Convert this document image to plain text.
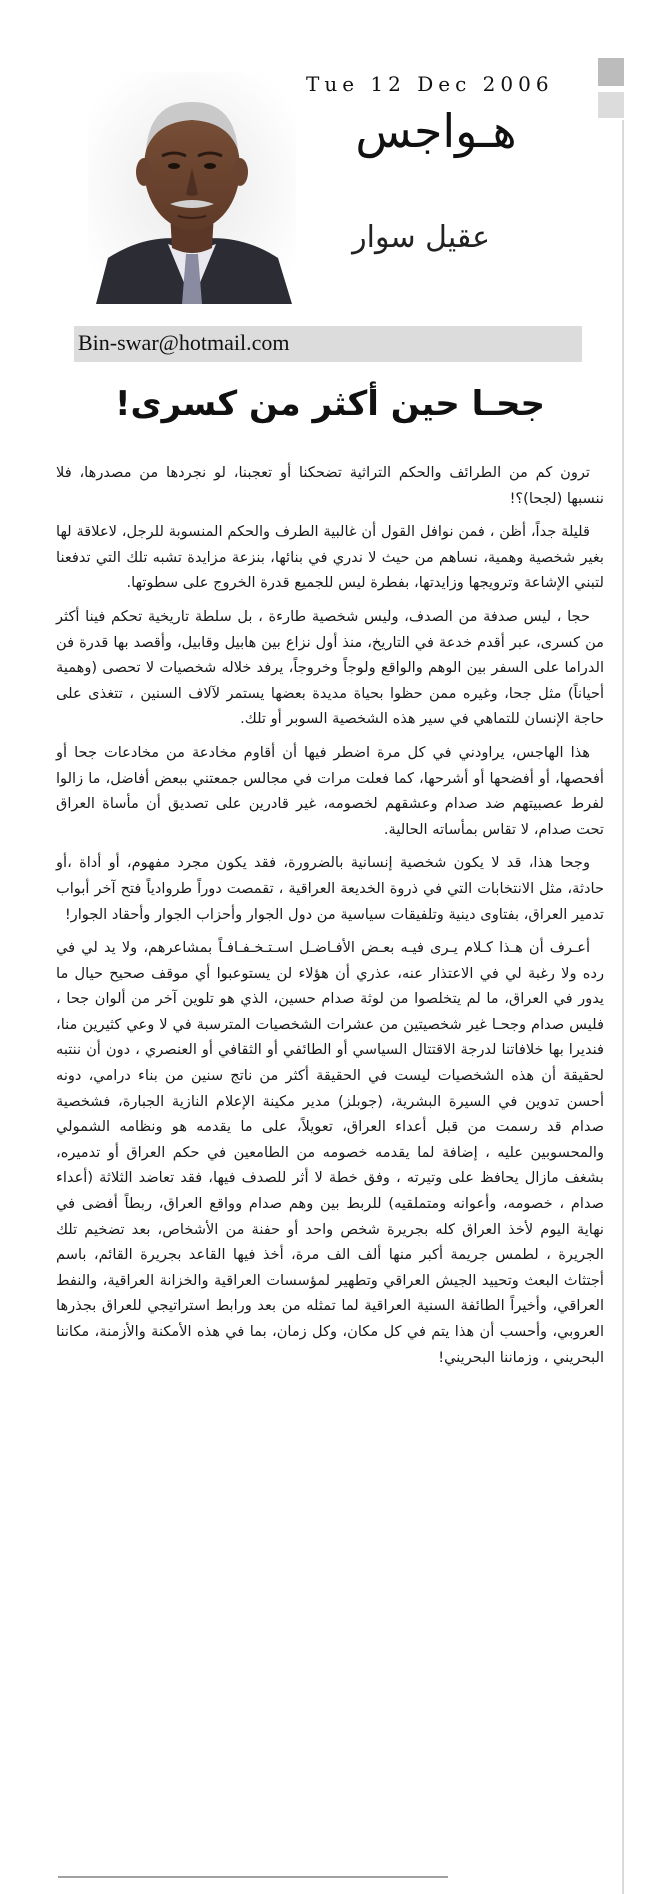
Tue 12 Dec 2006
هـواجس
عقيل سوار
Bin-swar@hotmail.com
جحـا حين أكثر من كسرى!

ترون كم من الطرائف والحكم التراثية تضحكنا أو تعجبنا، لو نجردها من مصدرها، فلا ننسبها (لجحا)؟!

قليلة جداً، أظن ، فمن نوافل القول أن غالبية الطرف والحكم المنسوبة للرجل، لاعلاقة لها بغير شخصية وهمية، نساهم من حيث لا ندري في بنائها، بنزعة مزايدة تشبه تلك التي تدفعنا لتبني الإشاعة وترويجها وزايدتها، بفطرة ليس للجميع قدرة الخروج على سطوتها.

حجا ، ليس صدفة من الصدف، وليس شخصية طارءة ، بل سلطة تاريخية تحكم فينا أكثر من كسرى، عبر أقدم خدعة في التاريخ، منذ أول نزاع بين هابيل وقابيل، وأقصد بها قدرة فن الدراما على السفر بين الوهم والواقع ولوجاً وخروجاً، يرفد خلاله شخصيات لا تحصى (وهمية أحياناً) مثل جحا، وغيره ممن حظوا بحياة مديدة بعضها يستمر لآلاف السنين ، تتغذى على حاجة الإنسان للتماهي في سير هذه الشخصية السوبر أو تلك.

هذا الهاجس، يراودني في كل مرة اضطر فيها أن أقاوم مخادعة من مخادعات جحا أو أفحصها، أو أفضحها أو أشرحها، كما فعلت مرات في مجالس جمعتني ببعض أفاضل، ما زالوا لفرط عصبيتهم ضد صدام وعشقهم لخصومه، غير قادرين على تصديق أن مأساة العراق تحت صدام، لا تقاس بمأساته الحالية.

وجحا هذا، قد لا يكون شخصية إنسانية بالضرورة، فقد يكون مجرد مفهوم، أو أداة ،أو حادثة، مثل الانتخابات التي في ذروة الخديعة العراقية ، تقمصت دوراً طروادياً فتح آخر أبواب تدمير العراق، بفتاوى دينية وتلفيقات سياسية من دول الجوار وأحزاب الجوار وأحقاد الجوار!

أعـرف أن هـذا كـلام يـرى فيـه بعـض الأفـاضـل اسـتـخـفـافـاً بمشاعرهم، ولا يد لي في رده ولا رغبة لي في الاعتذار عنه، عذري أن هؤلاء لن يستوعبوا أي موقف صحيح حيال ما يدور في العراق، ما لم يتخلصوا من لوثة صدام حسين، الذي هو تلوين آخر من ألوان جحا ، فليس صدام وجحـا غير شخصيتين من عشرات الشخصيات المترسبة في لا وعي كثيرين منا، فنديرا بها خلافاتنا لدرجة الاقتتال السياسي أو الطائفي أو الثقافي أو العنصري ، دون أن ننتبه لحقيقة أن هذه الشخصيات ليست في الحقيقة أكثر من ناتج سنين من بناء درامي، دونه أحسن تدوين في السيرة البشرية، (جوبلز) مدير مكينة الإعلام النازية الجبارة، فشخصية صدام قد رسمت من قبل أعداء العراق، تعويلاً، على ما يقدمه هو ونظامه الشمولي والمحسوبين عليه ، إضافة لما يقدمه خصومه من الطامعين في حكم العراق أو تدميره، بشغف مازال يحافظ على وتيرته ، وفق خطة لا أثر للصدف فيها، فقد تعاضد الثلاثة (أعداء صدام ، خصومه، وأعوانه ومتملقيه) للربط بين وهم صدام وواقع العراق، ربطاً أفضى في نهاية اليوم لأخذ العراق كله بجريرة شخص واحد أو حفنة من الأشخاص، بعد تضخيم تلك الجريرة ، لطمس جريمة أكبر منها ألف الف مرة، أخذ فيها القاعد بجريرة القائم، باسم أجتثاث البعث وتحييد الجيش العراقي وتطهير لمؤسسات العراقية والخزانة العراقية، والنفط العراقي، وأخيراً الطائفة السنية العراقية لما تمثله من بعد ورابط استراتيجي للعراق بجذرها العروبي، وأحسب أن هذا يتم في كل مكان، وكل زمان، بما في هذه الأمكنة والأزمنة، مكاننا البحريني ، وزماننا البحريني!
